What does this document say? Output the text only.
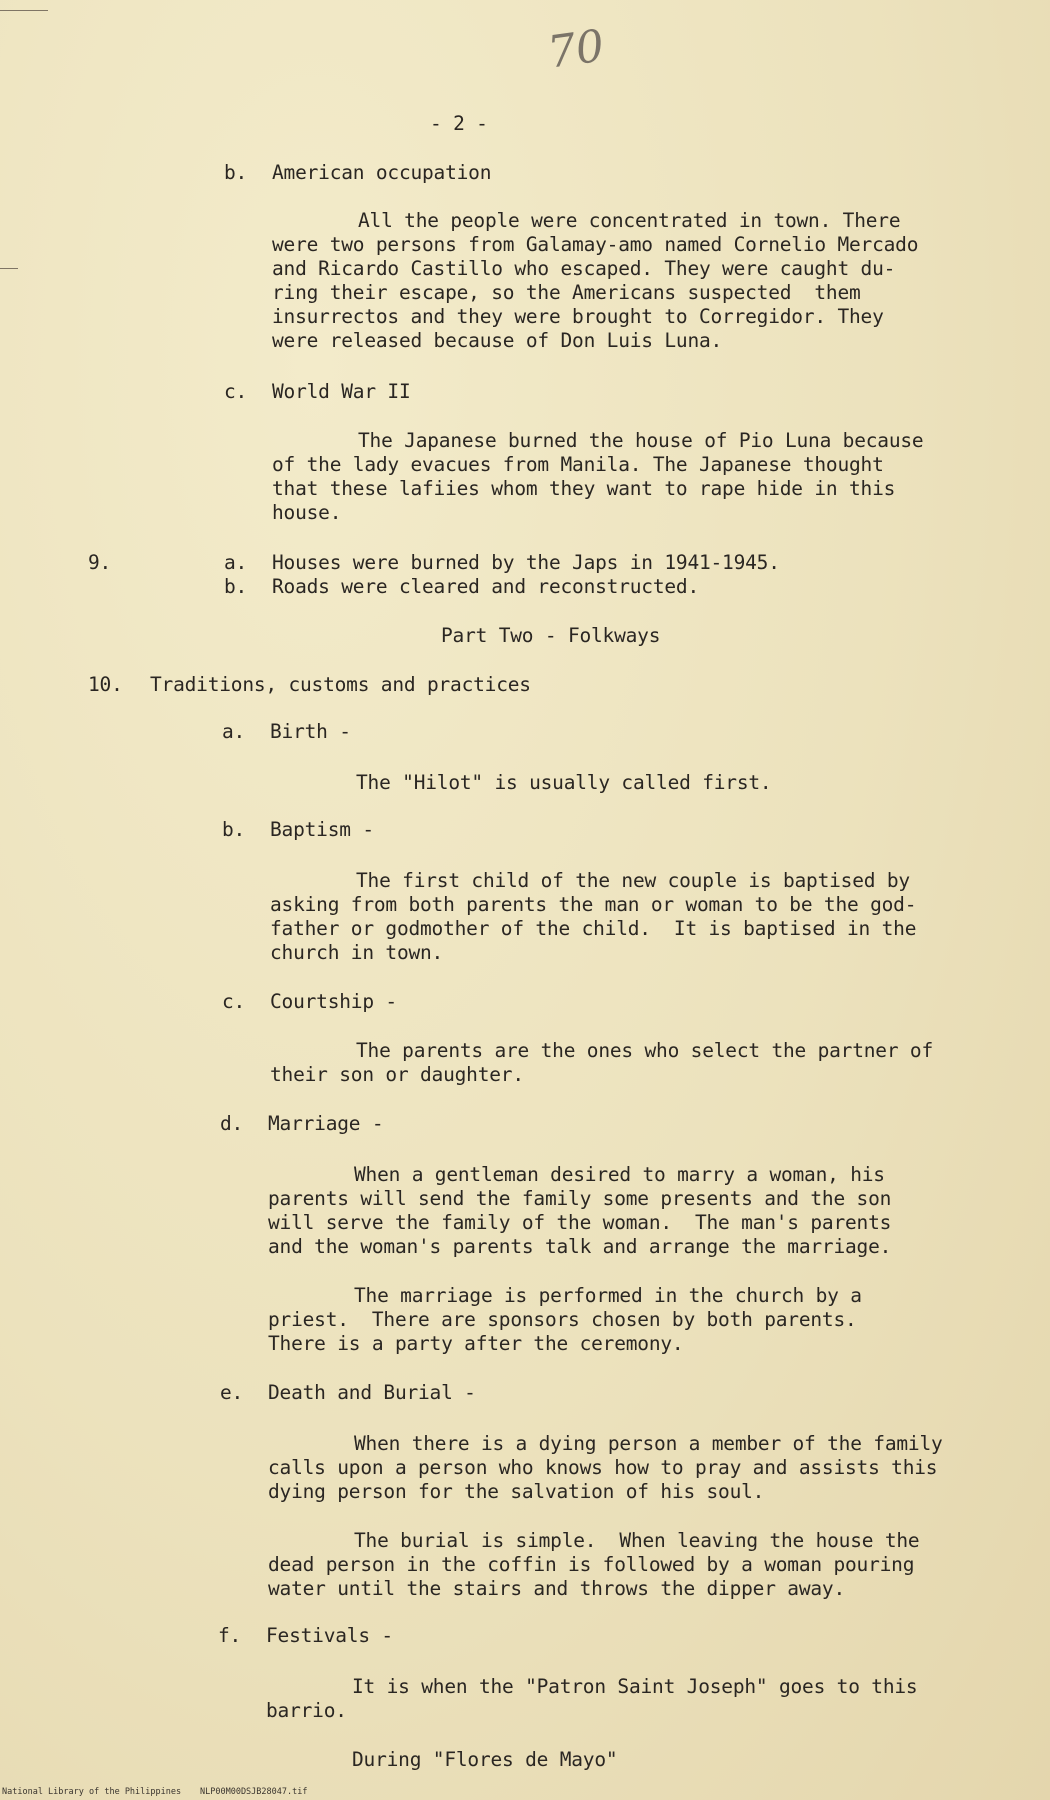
70
- 2 -
b. American occupation
All the people were concentrated in town. There
were two persons from Galamay-amo named Cornelio Mercado
and Ricardo Castillo who escaped. They were caught du-
ring their escape, so the Americans suspected  them
insurrectos and they were brought to Corregidor. They
were released because of Don Luis Luna.
c. World War II
The Japanese burned the house of Pio Luna because
of the lady evacues from Manila. The Japanese thought
that these lafiies whom they want to rape hide in this
house.
9.	a. Houses were burned by the Japs in 1941-1945.
b. Roads were cleared and reconstructed.
Part Two - Folkways
10. Traditions, customs and practices
a. Birth -
The "Hilot" is usually called first.
b. Baptism -
The first child of the new couple is baptised by
asking from both parents the man or woman to be the god-
father or godmother of the child.  It is baptised in the
church in town.
c. Courtship -
The parents are the ones who select the partner of
their son or daughter.
d. Marriage -
When a gentleman desired to marry a woman, his
parents will send the family some presents and the son
will serve the family of the woman.  The man's parents
and the woman's parents talk and arrange the marriage.
The marriage is performed in the church by a
priest.  There are sponsors chosen by both parents.
There is a party after the ceremony.
e. Death and Burial -
When there is a dying person a member of the family
calls upon a person who knows how to pray and assists this
dying person for the salvation of his soul.
The burial is simple.  When leaving the house the
dead person in the coffin is followed by a woman pouring
water until the stairs and throws the dipper away.
f. Festivals -
It is when the "Patron Saint Joseph" goes to this
barrio.
During "Flores de Mayo"
National Library of the Philippines NLP00M00DSJB28047.tif
